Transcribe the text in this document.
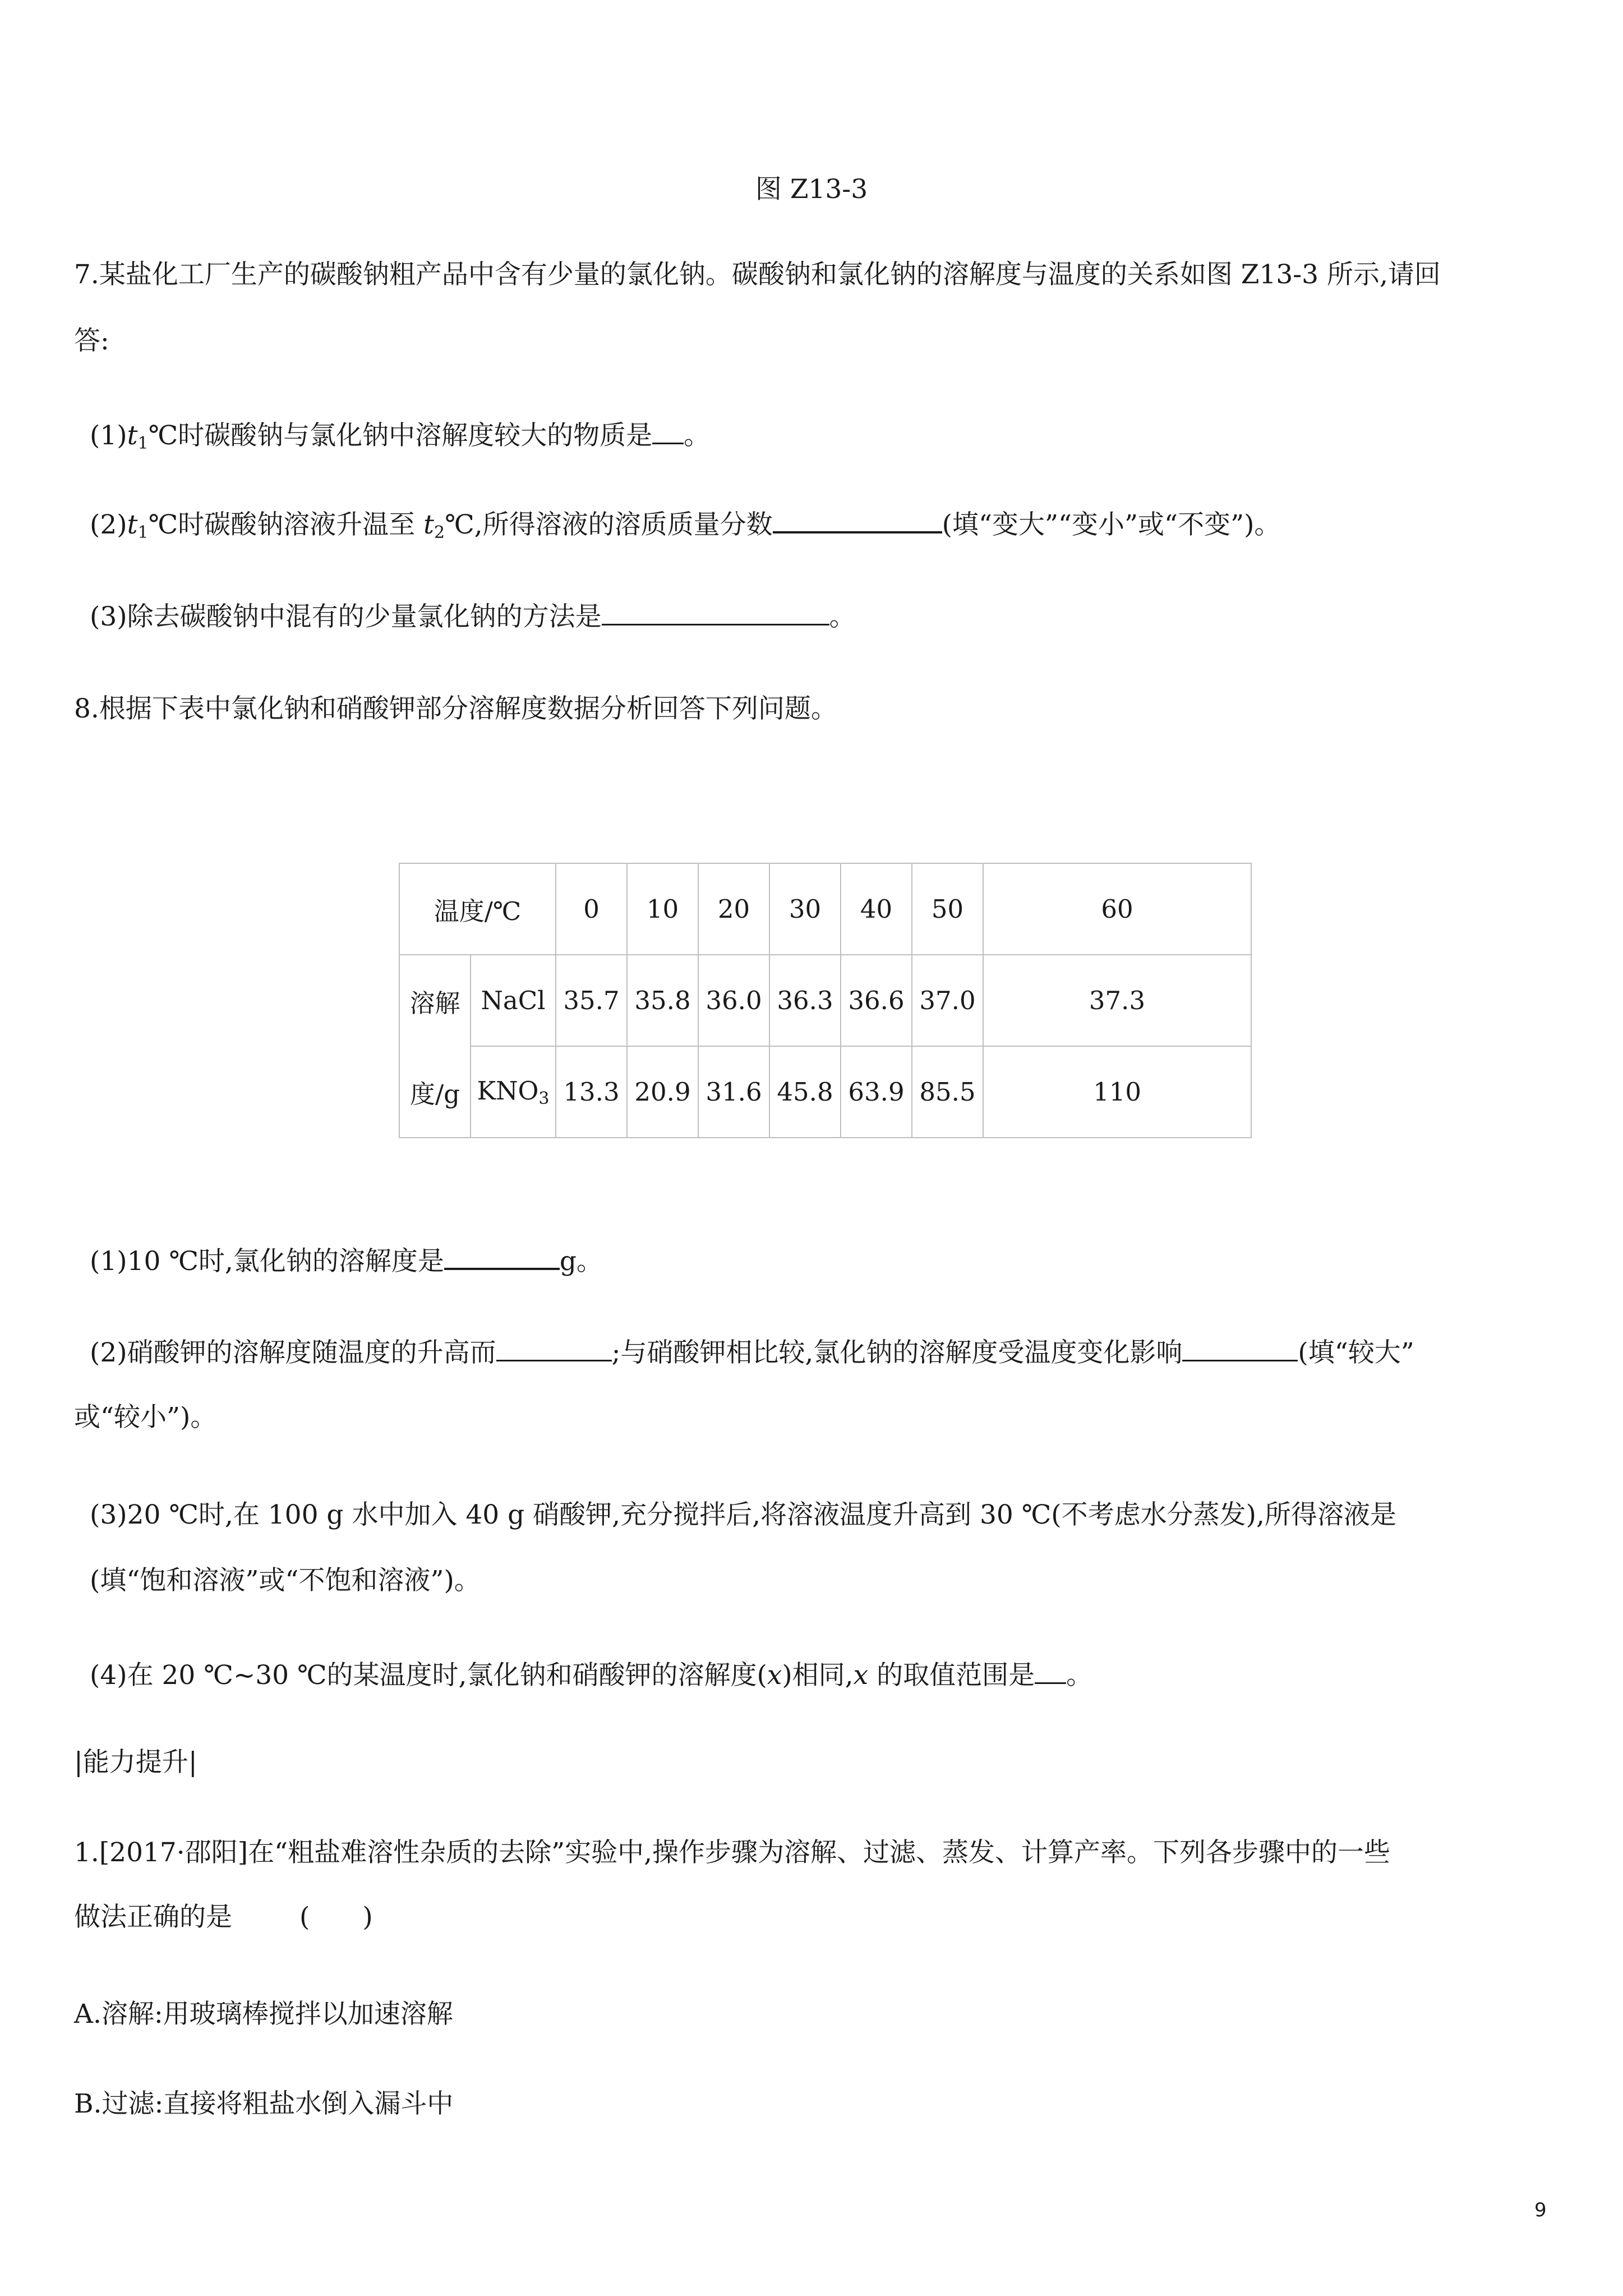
图 Z13-3
7.某盐化工厂生产的碳酸钠粗产品中含有少量的氯化钠。碳酸钠和氯化钠的溶解度与温度的关系如图 Z13-3 所示,请回
答:
$(1)t_1℃$时碳酸钠与氯化钠中溶解度较大的物质是 。
$(2)t_1℃$时碳酸钠溶液升温至 $t_2℃$,所得溶液的溶质质量分数	(填“变大”“变小”或“不变”)。
(3)除去碳酸钠中混有的少量氯化钠的方法是	。
8.根据下表中氯化钠和硝酸钾部分溶解度数据分析回答下列问题。
温度/℃		0	10	20	30	40	50	60
溶解	NaCl	35.7	35.8	36.0	36.3	36.6	37.0	37.3
度/g	$KNO_3$	13.3	20.9	31.6	45.8	63.9	85.5	110
(1)10 ℃时,氯化钠的溶解度是	g。
(2)硝酸钾的溶解度随温度的升高而	;与硝酸钾相比较,氯化钠的溶解度受温度变化影响	(填“较大”
或“较小”)。
(3)20 ℃时,在 100 g 水中加入 40 g 硝酸钾,充分搅拌后,将溶液温度升高到 30 ℃(不考虑水分蒸发),所得溶液是
(填“饱和溶液”或“不饱和溶液”)。
(4)在 20 ℃~30 ℃的某温度时,氯化钠和硝酸钾的溶解度(x)相同,x 的取值范围是 。
|能力提升|
1.[2017·邵阳]在“粗盐难溶性杂质的去除”实验中,操作步骤为溶解、过滤、蒸发、计算产率。下列各步骤中的一些
做法正确的是	(　　)
A.溶解:用玻璃棒搅拌以加速溶解
B.过滤:直接将粗盐水倒入漏斗中
9
